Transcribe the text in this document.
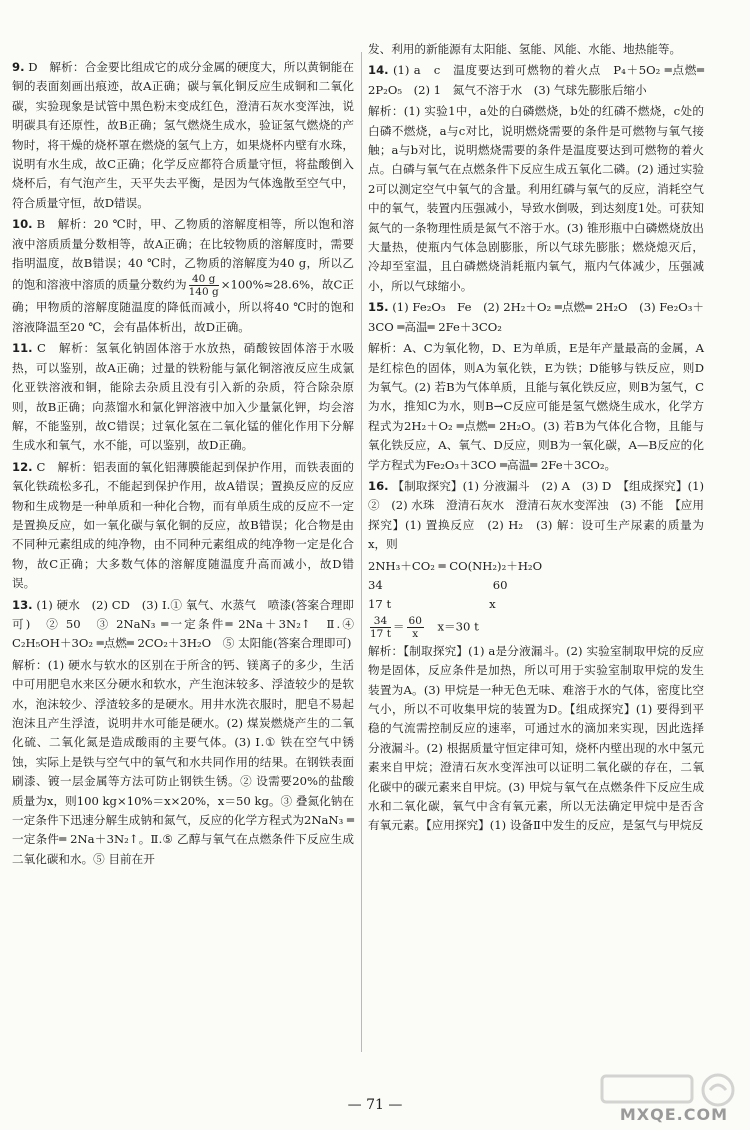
9. D　解析：合金要比组成它的成分金属的硬度大，所以黄铜能在铜的表面刻画出痕迹，故A正确；碳与氧化铜反应生成铜和二氧化碳，实验现象是试管中黑色粉末变成红色，澄清石灰水变浑浊，说明碳具有还原性，故B正确；氢气燃烧生成水，验证氢气燃烧的产物时，将干燥的烧杯罩在燃烧的氢气上方，如果烧杯内壁有水珠，说明有水生成，故C正确；化学反应都符合质量守恒，将盐酸倒入烧杯后，有气泡产生，天平失去平衡，是因为气体逸散至空气中，符合质量守恒，故D错误。
10. B　解析：20 ℃时，甲、乙物质的溶解度相等，所以饱和溶液中溶质质量分数相等，故A正确；在比较物质的溶解度时，需要指明温度，故B错误；40 ℃时，乙物质的溶解度为40 g，所以乙的饱和溶液中溶质的质量分数约为 $\frac{40 g}{140 g} \times 100\%\approx 28.6\%$，故C正确；甲物质的溶解度随温度的降低而减小，所以将40 ℃时的饱和溶液降温至20 ℃，会有晶体析出，故D正确。
11. C　解析：氢氧化钠固体溶于水放热，硝酸铵固体溶于水吸热，可以鉴别，故A正确；过量的铁粉能与氯化铜溶液反应生成氯化亚铁溶液和铜，能除去杂质且没有引入新的杂质，符合除杂原则，故B正确；向蒸馏水和氯化钾溶液中加入少量氯化钾，均会溶解，不能鉴别，故C错误；过氧化氢在二氧化锰的催化作用下分解生成水和氧气，水不能，可以鉴别，故D正确。
12. C　解析：铝表面的氧化铝薄膜能起到保护作用，而铁表面的氧化铁疏松多孔，不能起到保护作用，故A错误；置换反应的反应物和生成物是一种单质和一种化合物，而有单质生成的反应不一定是置换反应，如一氧化碳与氧化铜的反应，故B错误；化合物是由不同种元素组成的纯净物，由不同种元素组成的纯净物一定是化合物，故C正确；大多数气体的溶解度随温度升高而减小，故D错误。
13. (1) 硬水　(2) CD　(3) Ⅰ.① 氧气、水蒸气　喷漆(答案合理即可)　② 50　③ 2NaN₃ ═一定条件═ 2Na＋3N₂↑　Ⅱ.④ C₂H₅OH＋3O₂ ═点燃═ 2CO₂＋3H₂O　⑤ 太阳能(答案合理即可)
解析：(1) 硬水与软水的区别在于所含的钙、镁离子的多少，生活中可用肥皂水来区分硬水和软水，产生泡沫较多、浮渣较少的是软水，泡沫较少、浮渣较多的是硬水。用井水洗衣服时，肥皂不易起泡沫且产生浮渣，说明井水可能是硬水。(2) 煤炭燃烧产生的二氧化硫、二氧化氮是造成酸雨的主要气体。(3) Ⅰ.① 铁在空气中锈蚀，实际上是铁与空气中的氧气和水共同作用的结果。在钢铁表面刷漆、镀一层金属等方法可防止钢铁生锈。② 设需要20%的盐酸质量为x，则100 kg×10%＝x×20%，x＝50 kg。③ 叠氮化钠在一定条件下迅速分解生成钠和氮气，反应的化学方程式为2NaN₃ ═一定条件═ 2Na＋3N₂↑。Ⅱ.⑤ 乙醇与氧气在点燃条件下反应生成二氧化碳和水。⑤ 目前在开
发、利用的新能源有太阳能、氢能、风能、水能、地热能等。
14. (1) a　c　温度要达到可燃物的着火点　P₄＋5O₂ ═点燃═ 2P₂O₅　(2) 1　氮气不溶于水　(3) 气球先膨胀后缩小
解析：(1) 实验1中，a处的白磷燃烧，b处的红磷不燃烧，c处的白磷不燃烧，a与c对比，说明燃烧需要的条件是可燃物与氧气接触；a与b对比，说明燃烧需要的条件是温度要达到可燃物的着火点。白磷与氧气在点燃条件下反应生成五氧化二磷。(2) 通过实验2可以测定空气中氧气的含量。利用红磷与氧气的反应，消耗空气中的氧气，装置内压强减小，导致水倒吸，到达刻度1处。可获知氮气的一条物理性质是氮气不溶于水。(3) 锥形瓶中白磷燃烧放出大量热，使瓶内气体急剧膨胀，所以气球先膨胀；燃烧熄灭后，冷却至室温，且白磷燃烧消耗瓶内氧气，瓶内气体减少，压强减小，所以气球缩小。
15. (1) Fe₂O₃　Fe　(2) 2H₂＋O₂ ═点燃═ 2H₂O　(3) Fe₂O₃＋3CO ═高温═ 2Fe＋3CO₂
解析：A、C为氧化物，D、E为单质，E是年产量最高的金属，A是红棕色的固体，则A为氧化铁，E为铁；D能够与铁反应，则D为氧气。(2) 若B为气体单质，且能与氧化铁反应，则B为氢气，C为水，推知C为水，则B→C反应可能是氢气燃烧生成水，化学方程式为2H₂＋O₂ ═点燃═ 2H₂O。(3) 若B为气体化合物，且能与氧化铁反应，A、氧气、D反应，则B为一氧化碳，A—B反应的化学方程式为Fe₂O₃＋3CO ═高温═ 2Fe＋3CO₂。
16. 【制取探究】(1) 分液漏斗　(2) A　(3) D　【组成探究】(1) ②　(2) 水珠　澄清石灰水　澄清石灰水变浑浊　(3) 不能　【应用探究】(1) 置换反应　(2) H₂　(3) 解：设可生产尿素的质量为x，则

2NH₃＋CO₂ ═ CO(NH₂)₂＋H₂O

34	60

17 t	x

$\frac{34}{17 t} = \frac{60}{x}$
　 x＝30 t

解析：【制取探究】(1) a是分液漏斗。(2) 实验室制取甲烷的反应物是固体，反应条件是加热，所以可用于实验室制取甲烷的发生装置为A。(3) 甲烷是一种无色无味、难溶于水的气体，密度比空气小，所以不可收集甲烷的装置为D。【组成探究】(1) 要得到平稳的气流需控制反应的速率，可通过水的滴加来实现，因此选择分液漏斗。(2) 根据质量守恒定律可知，烧杯内壁出现的水中氢元素来自甲烷；澄清石灰水变浑浊可以证明二氧化碳的存在，二氧化碳中的碳元素来自甲烷。(3) 甲烷与氧气在点燃条件下反应生成水和二氧化碳，氧气中含有氧元素，所以无法确定甲烷中是否含有氧元素。【应用探究】(1) 设备Ⅱ中发生的反应，是氢气与甲烷反
— 71 —	MXQE.COM
